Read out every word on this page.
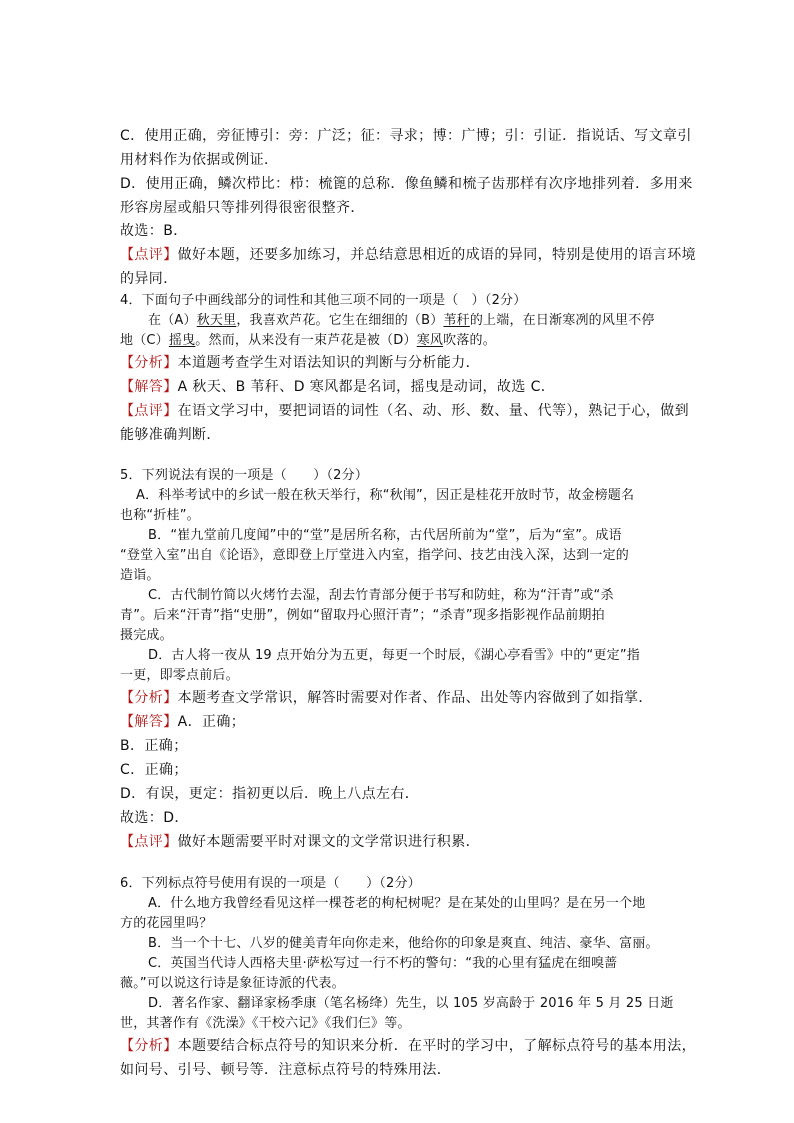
C．使用正确，旁征博引：旁：广泛；征：寻求；博：广博；引：引证．指说话、写文章引
用材料作为依据或例证．
D．使用正确，鳞次栉比：栉：梳篦的总称．像鱼鳞和梳子齿那样有次序地排列着．多用来
形容房屋或船只等排列得很密很整齐．
故选：B．
【点评】做好本题，还要多加练习，并总结意思相近的成语的异同，特别是使用的语言环境
的异同．
4．下面句子中画线部分的词性和其他三项不同的一项是（　）（2分）
在（A）秋天里，我喜欢芦花。它生在细细的（B）苇秆的上端，在日渐寒冽的风里不停
地（C）摇曳。然而，从来没有一束芦花是被（D）寒风吹落的。
【分析】本道题考查学生对语法知识的判断与分析能力．
【解答】A 秋天、B 苇秆、D 寒风都是名词，摇曳是动词，故选 C．
【点评】在语文学习中，要把词语的词性（名、动、形、数、量、代等），熟记于心，做到
能够准确判断．
5．下列说法有误的一项是（　　）（2分）
A．科举考试中的乡试一般在秋天举行，称“秋闱”，因正是桂花开放时节，故金榜题名
也称“折桂”。
B．“崔九堂前几度闻”中的“堂”是居所名称，古代居所前为“堂”，后为“室”。成语
“登堂入室”出自《论语》，意即登上厅堂进入内室，指学问、技艺由浅入深，达到一定的
造诣。
C．古代制竹简以火烤竹去湿，刮去竹青部分便于书写和防蛀，称为“汗青”或“杀
青”。后来“汗青”指“史册”，例如“留取丹心照汗青”；“杀青”现多指影视作品前期拍
摄完成。
D．古人将一夜从 19 点开始分为五更，每更一个时辰，《湖心亭看雪》中的“更定”指
一更，即零点前后。
【分析】本题考查文学常识，解答时需要对作者、作品、出处等内容做到了如指掌．
【解答】A．正确；
B．正确；
C．正确；
D．有误，更定：指初更以后．晚上八点左右．
故选：D．
【点评】做好本题需要平时对课文的文学常识进行积累．
6．下列标点符号使用有误的一项是（　　）（2分）
A．什么地方我曾经看见这样一棵苍老的枸杞树呢？是在某处的山里吗？是在另一个地
方的花园里吗？
B．当一个十七、八岁的健美青年向你走来，他给你的印象是爽直、纯洁、豪华、富丽。
C．英国当代诗人西格夫里·萨松写过一行不朽的警句：“我的心里有猛虎在细嗅蔷
薇。”可以说这行诗是象征诗派的代表。
D．著名作家、翻译家杨季康（笔名杨绛）先生，以 105 岁高龄于 2016 年 5 月 25 日逝
世，其著作有《洗澡》《干校六记》《我们仨》等。
【分析】本题要结合标点符号的知识来分析．在平时的学习中，了解标点符号的基本用法，
如问号、引号、顿号等．注意标点符号的特殊用法．
